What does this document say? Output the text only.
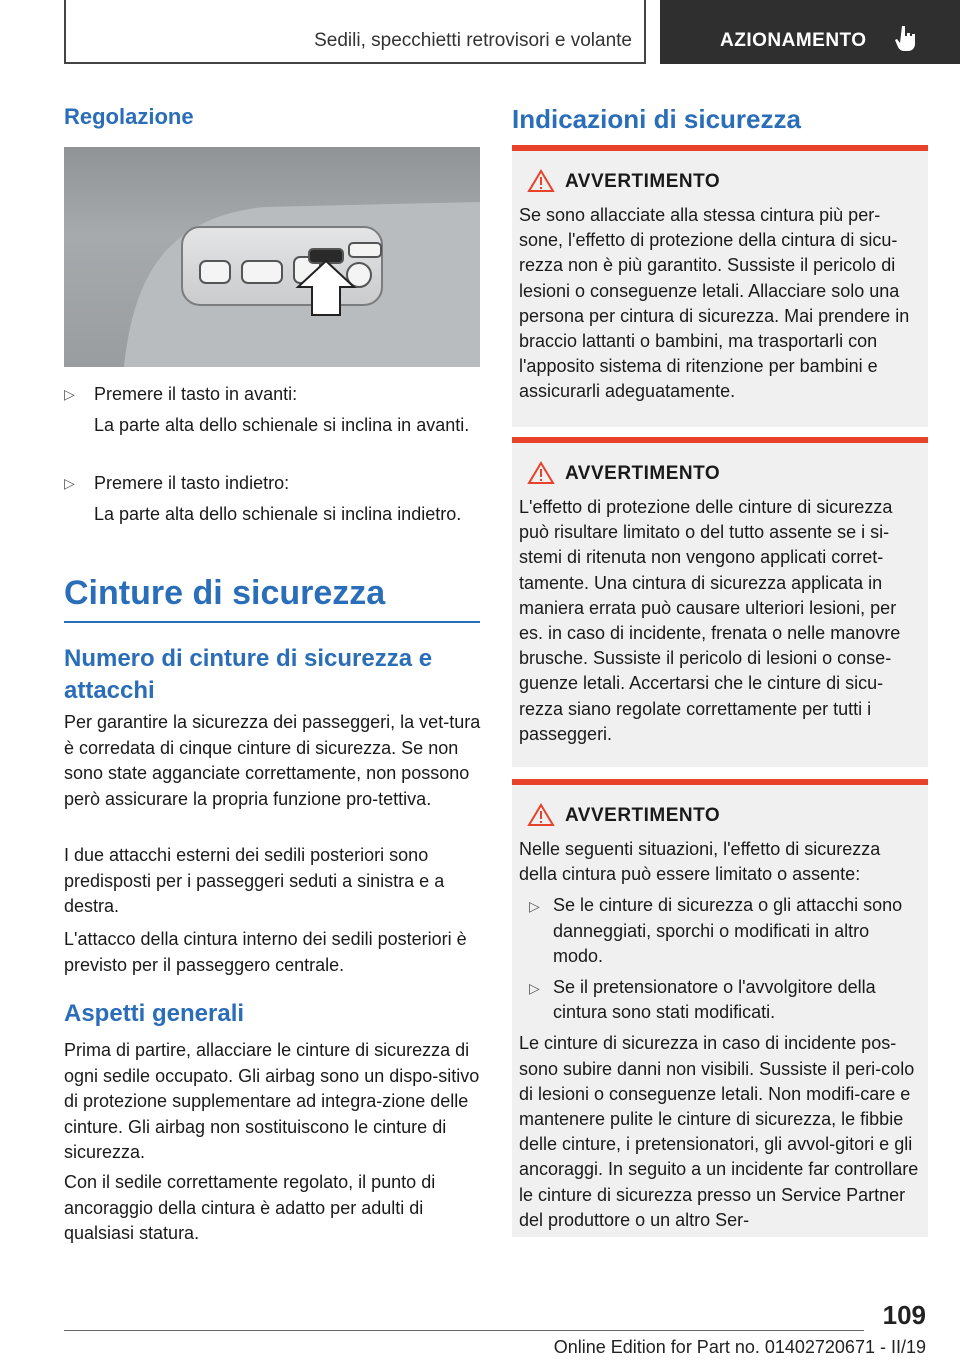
Sedili, specchietti retrovisori e volante	AZIONAMENTO
Regolazione
▷ Premere il tasto in avanti:
La parte alta dello schienale si inclina in avanti.
▷ Premere il tasto indietro:
La parte alta dello schienale si inclina indietro.
Cinture di sicurezza
Numero di cinture di sicurezza e attacchi
Per garantire la sicurezza dei passeggeri, la vet-tura è corredata di cinque cinture di sicurezza. Se non sono state agganciate correttamente, non possono però assicurare la propria funzione pro-tettiva.
I due attacchi esterni dei sedili posteriori sono predisposti per i passeggeri seduti a sinistra e a destra.
L'attacco della cintura interno dei sedili posteriori è previsto per il passeggero centrale.
Aspetti generali
Prima di partire, allacciare le cinture di sicurezza di ogni sedile occupato. Gli airbag sono un dispo-sitivo di protezione supplementare ad integra-zione delle cinture. Gli airbag non sostituiscono le cinture di sicurezza.
Con il sedile correttamente regolato, il punto di ancoraggio della cintura è adatto per adulti di qualsiasi statura.
Indicazioni di sicurezza
AVVERTIMENTO
Se sono allacciate alla stessa cintura più per-sone, l'effetto di protezione della cintura di sicu-rezza non è più garantito. Sussiste il pericolo di lesioni o conseguenze letali. Allacciare solo una persona per cintura di sicurezza. Mai prendere in braccio lattanti o bambini, ma trasportarli con l'apposito sistema di ritenzione per bambini e assicurarli adeguatamente.
AVVERTIMENTO
L'effetto di protezione delle cinture di sicurezza può risultare limitato o del tutto assente se i si-stemi di ritenuta non vengono applicati corret-tamente. Una cintura di sicurezza applicata in maniera errata può causare ulteriori lesioni, per es. in caso di incidente, frenata o nelle manovre brusche. Sussiste il pericolo di lesioni o conse-guenze letali. Accertarsi che le cinture di sicu-rezza siano regolate correttamente per tutti i passeggeri.
AVVERTIMENTO
Nelle seguenti situazioni, l'effetto di sicurezza della cintura può essere limitato o assente:
▷ Se le cinture di sicurezza o gli attacchi sono danneggiati, sporchi o modificati in altro modo.
▷ Se il pretensionatore o l'avvolgitore della cintura sono stati modificati.
Le cinture di sicurezza in caso di incidente pos-sono subire danni non visibili. Sussiste il peri-colo di lesioni o conseguenze letali. Non modifi-care e mantenere pulite le cinture di sicurezza, le fibbie delle cinture, i pretensionatori, gli avvol-gitori e gli ancoraggi. In seguito a un incidente far controllare le cinture di sicurezza presso un Service Partner del produttore o un altro Ser-
109
Online Edition for Part no. 01402720671 - II/19
